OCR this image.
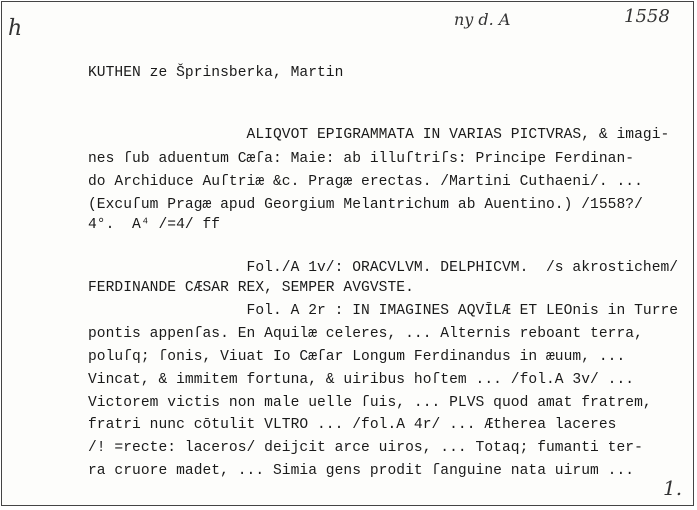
h	ny d. A	1558
KUTHEN ze Šprinsberka, Martin
ALIQVOT EPIGRAMMATA IN VARIAS PICTVRAS, & imagi-
nes ſub aduentum Cæſa: Maie: ab illuſtriſs: Principe Ferdinan-
do Archiduce Auſtriæ &c. Pragæ erectas. /Martini Cuthaeni/. ...
(Excuſum Pragæ apud Georgium Melantrichum ab Auentino.) /1558?/
4°.  A⁴ /=4/ ff
Fol./A 1v/: ORACVLVM. DELPHICVM.  /s akrostichem/
FERDINANDE CÆSAR REX, SEMPER AVGVSTE.
Fol. A 2r : IN IMAGINES AQVĪLÆ ET LEOnis in Turre
pontis appenſas. En Aquilæ celeres, ... Alternis reboant terra,
poluſq; ſonis, Viuat Io Cæſar Longum Ferdinandus in æuum, ...
Vincat, & immitem fortuna, & uiribus hoſtem ... /fol.A 3v/ ...
Victorem victis non male uelle ſuis, ... PLVS quod amat fratrem,
fratri nunc cōtulit VLTRO ... /fol.A 4r/ ... Ætherea laceres
/! =recte: laceros/ deijcit arce uiros, ... Totaq; fumanti ter-
ra cruore madet, ... Simia gens prodit ſanguine nata uirum ...
1.
